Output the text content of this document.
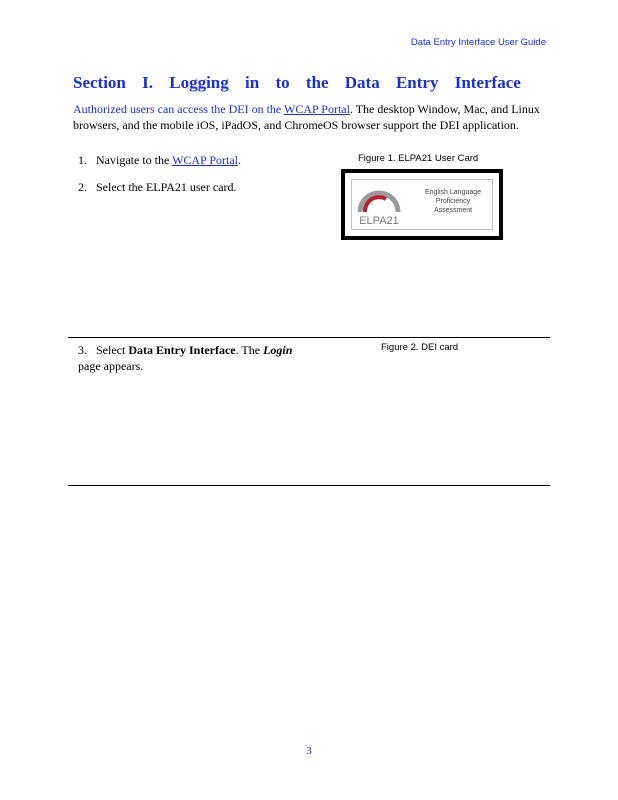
Data Entry Interface User Guide
Section I. Logging in to the Data Entry Interface
Authorized users can access the DEI on the WCAP Portal. The desktop Window, Mac, and Linux browsers, and the mobile iOS, iPadOS, and ChromeOS browser support the DEI application.
1. Navigate to the WCAP Portal.
2. Select the ELPA21 user card.
Figure 1. ELPA21 User Card
ELPA21
English Language
Proficiency
Assessment
3. Select Data Entry Interface. The Login page appears.
Figure 2. DEI card
3
